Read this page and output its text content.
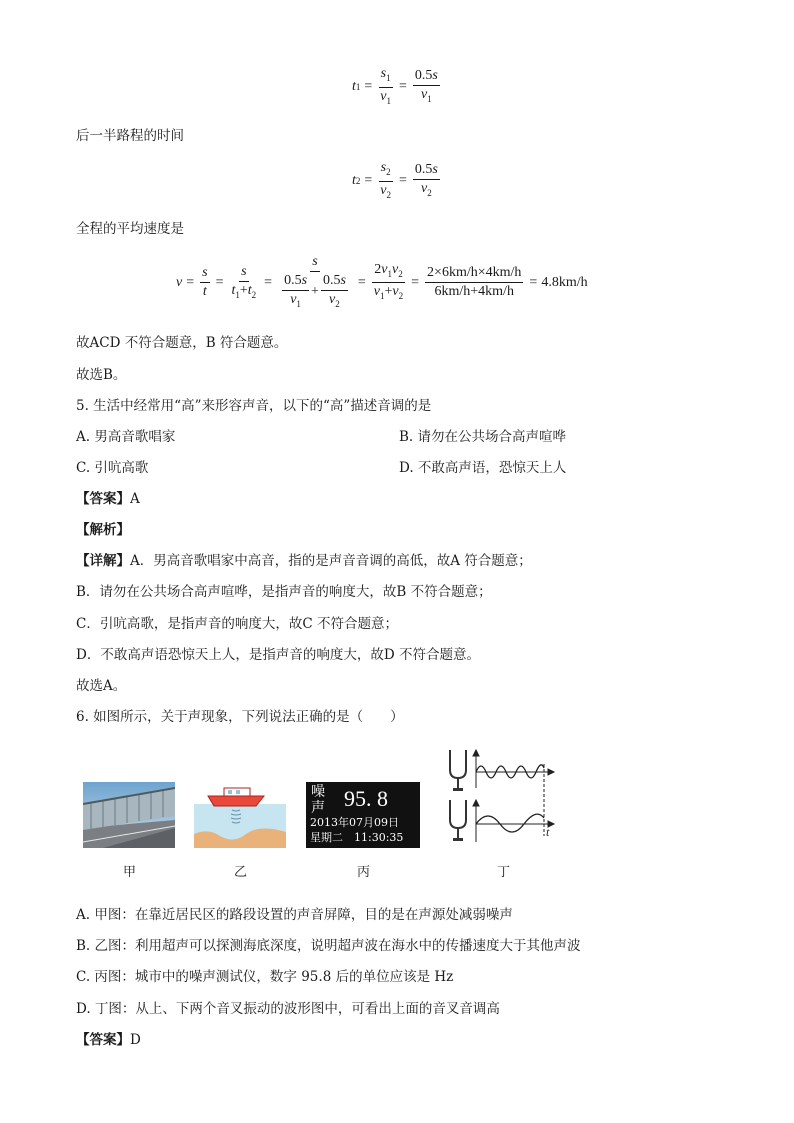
t $1 = \frac{s_1}{v_1} = \frac{0.5s}{v_1}$
后一半路程的时间
t $2 = \frac{s_2}{v_2} = \frac{0.5s}{v_2}$
全程的平均速度是
$v = \frac{s}{t} = \frac{s}{t_1+t_2} = \frac{s}{\frac{0.5s}{v_1} + \frac{0.5s}{v_2}} = \frac{2v_1v_2}{v_1+v_2} = \frac{2\times 6km/h\times 4km/h}{6km/h+4km/h} = 4.8km/h$
故ACD 不符合题意，B 符合题意。
故选B。
5. 生活中经常用“高”来形容声音，以下的“高”描述音调的是
A. 男高音歌唱家	B. 请勿在公共场合高声喧哗
C. 引吭高歌	D. 不敢高声语，恐惊天上人
【答案】A
【解析】
【详解】A．男高音歌唱家中高音，指的是声音音调的高低，故A 符合题意；
B．请勿在公共场合高声喧哗，是指声音的响度大，故B 不符合题意；
C．引吭高歌，是指声音的响度大，故C 不符合题意；
D．不敢高声语恐惊天上人，是指声音的响度大，故D 不符合题意。
故选A。
6. 如图所示，关于声现象，下列说法正确的是（　　）
噪
声 95. 8
2013年07月09日
星期二　11:30:35	t
甲	乙	丙	丁
A. 甲图：在靠近居民区的路段设置的声音屏障，目的是在声源处减弱噪声
B. 乙图：利用超声可以探测海底深度，说明超声波在海水中的传播速度大于其他声波
C. 丙图：城市中的噪声测试仪，数字 95.8 后的单位应该是 Hz
D. 丁图：从上、下两个音叉振动的波形图中，可看出上面的音叉音调高
【答案】D
